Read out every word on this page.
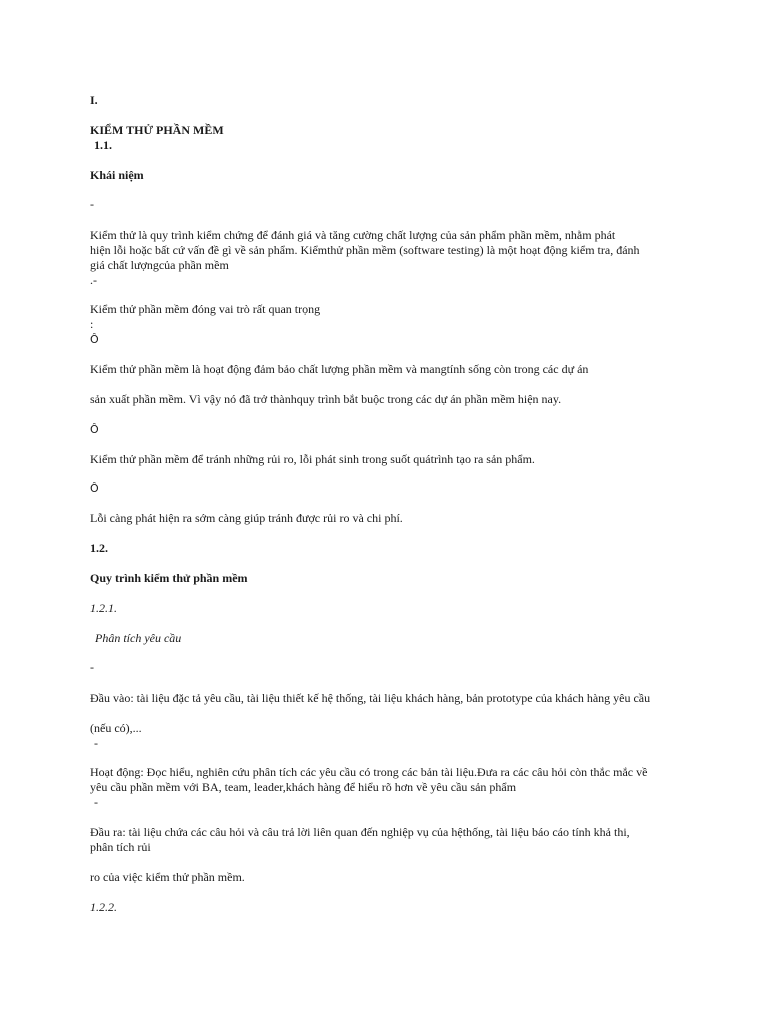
I.
KIỂM THỬ PHẦN MỀM
1.1.
Khái niệm
-
Kiểm thử là quy trình kiểm chứng để đánh giá và tăng cường chất lượng của sản phẩm phần mềm, nhằm phát
hiện lỗi hoặc bất cứ vấn đề gì về sản phẩm. Kiểmthử phần mềm (software testing) là một hoạt động kiểm tra, đánh
giá chất lượngcủa phần mềm
.-
Kiểm thử phần mềm đóng vai trò rất quan trọng
:
Ô
Kiểm thử phần mềm là hoạt động đảm bảo chất lượng phần mềm và mangtính sống còn trong các dự án
sản xuất phần mềm. Vì vậy nó đã trở thànhquy trình bắt buộc trong các dự án phần mềm hiện nay.
Ô
Kiểm thử phần mềm để tránh những rủi ro, lỗi phát sinh trong suốt quátrình tạo ra sản phẩm.
Ô
Lỗi càng phát hiện ra sớm càng giúp tránh được rủi ro và chi phí.
1.2.
Quy trình kiểm thử phần mềm
1.2.1.
Phân tích yêu cầu
-
Đầu vào: tài liệu đặc tả yêu cầu, tài liệu thiết kế hệ thống, tài liệu khách hàng, bản prototype của khách hàng yêu cầu
(nếu có),...
-
Hoạt động: Đọc hiểu, nghiên cứu phân tích các yêu cầu có trong các bản tài liệu.Đưa ra các câu hỏi còn thắc mắc về
yêu cầu phần mềm với BA, team, leader,khách hàng để hiểu rõ hơn về yêu cầu sản phẩm
-
Đầu ra: tài liệu chứa các câu hỏi và câu trả lời liên quan đến nghiệp vụ của hệthống, tài liệu báo cáo tính khả thi,
phân tích rủi
ro của việc kiểm thử phần mềm.
1.2.2.
